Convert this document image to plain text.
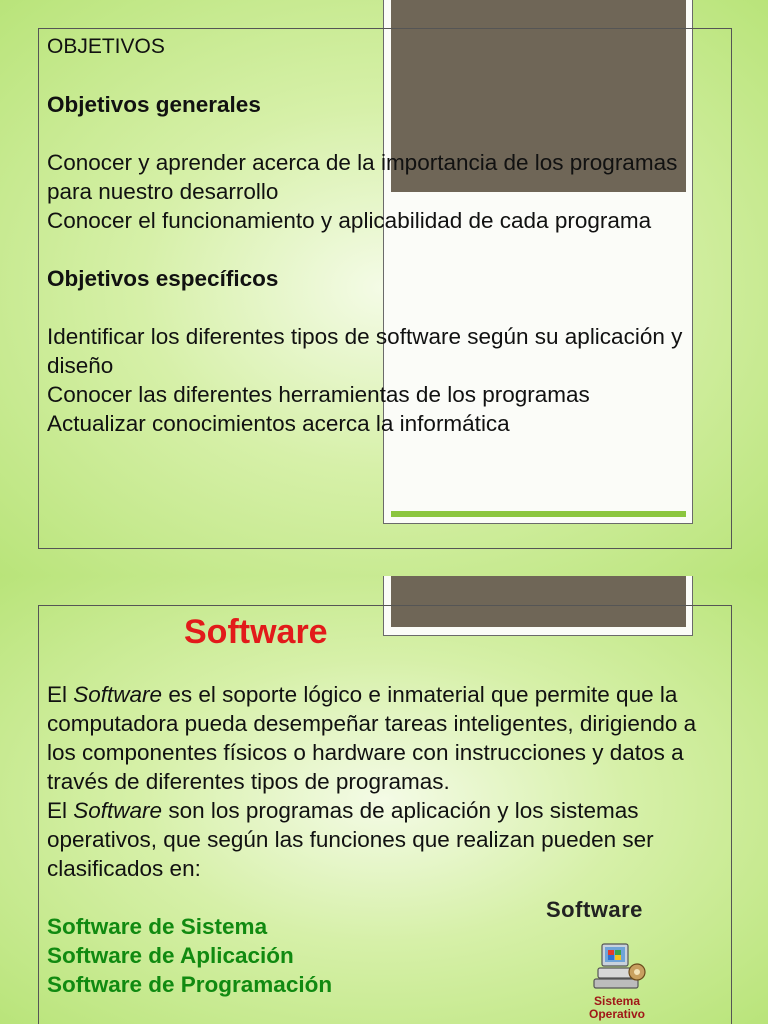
OBJETIVOS

Objetivos generales

Conocer y aprender acerca de la importancia de los programas para nuestro desarrollo

Conocer el funcionamiento y aplicabilidad de cada programa

Objetivos específicos

Identificar los diferentes tipos de software según su aplicación y diseño

Conocer las diferentes herramientas de los programas

Actualizar conocimientos acerca la informática

Software

El Software es el soporte lógico e inmaterial que permite que la computadora pueda desempeñar tareas inteligentes, dirigiendo a los componentes físicos o hardware con instrucciones y datos a través de diferentes tipos de programas.

El Software son los programas de aplicación y los sistemas operativos, que según las funciones que realizan pueden ser clasificados en:

Software de Sistema

Software de Aplicación

Software de Programación

Software
Sistema
Operativo
